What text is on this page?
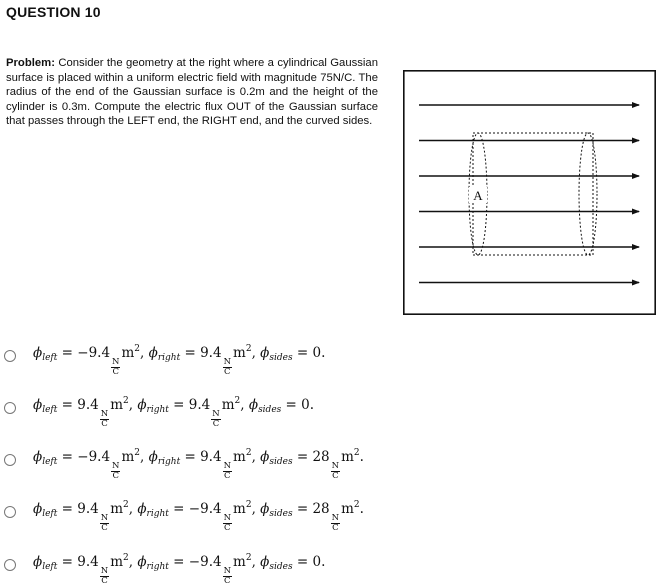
QUESTION 10
Problem: Consider the geometry at the right where a cylindrical Gaussian surface is placed within a uniform electric field with magnitude 75N/C. The radius of the end of the Gaussian surface is 0.2m and the height of the cylinder is 0.3m. Compute the electric flux OUT of the Gaussian surface that passes through the LEFT end, the RIGHT end, and the curved sides.
A
$\phi_{left} = -9.4$
$\frac{N}{C}$
$m^2$, $\phi_{right} = 9.4$
$\frac{N}{C}$
$m^2$, $\phi_{sides} = 0$.
$\phi_{left} = 9.4$
$\frac{N}{C}$
$m^2$, $\phi_{right} = 9.4$
$\frac{N}{C}$
$m^2$, $\phi_{sides} = 0$.
$\phi_{left} = -9.4$
$\frac{N}{C}$
$m^2$, $\phi_{right} = 9.4$
$\frac{N}{C}$
$m^2$, $\phi_{sides} = 28$
$\frac{N}{C}$
$m^2$.
$\phi_{left} = 9.4$
$\frac{N}{C}$
$m^2$, $\phi_{right} = -9.4$
$\frac{N}{C}$
$m^2$, $\phi_{sides} = 28$
$\frac{N}{C}$
$m^2$.
$\phi_{left} = 9.4$
$\frac{N}{C}$
$m^2$, $\phi_{right} = -9.4$
$\frac{N}{C}$
$m^2$, $\phi_{sides} = 0$.
